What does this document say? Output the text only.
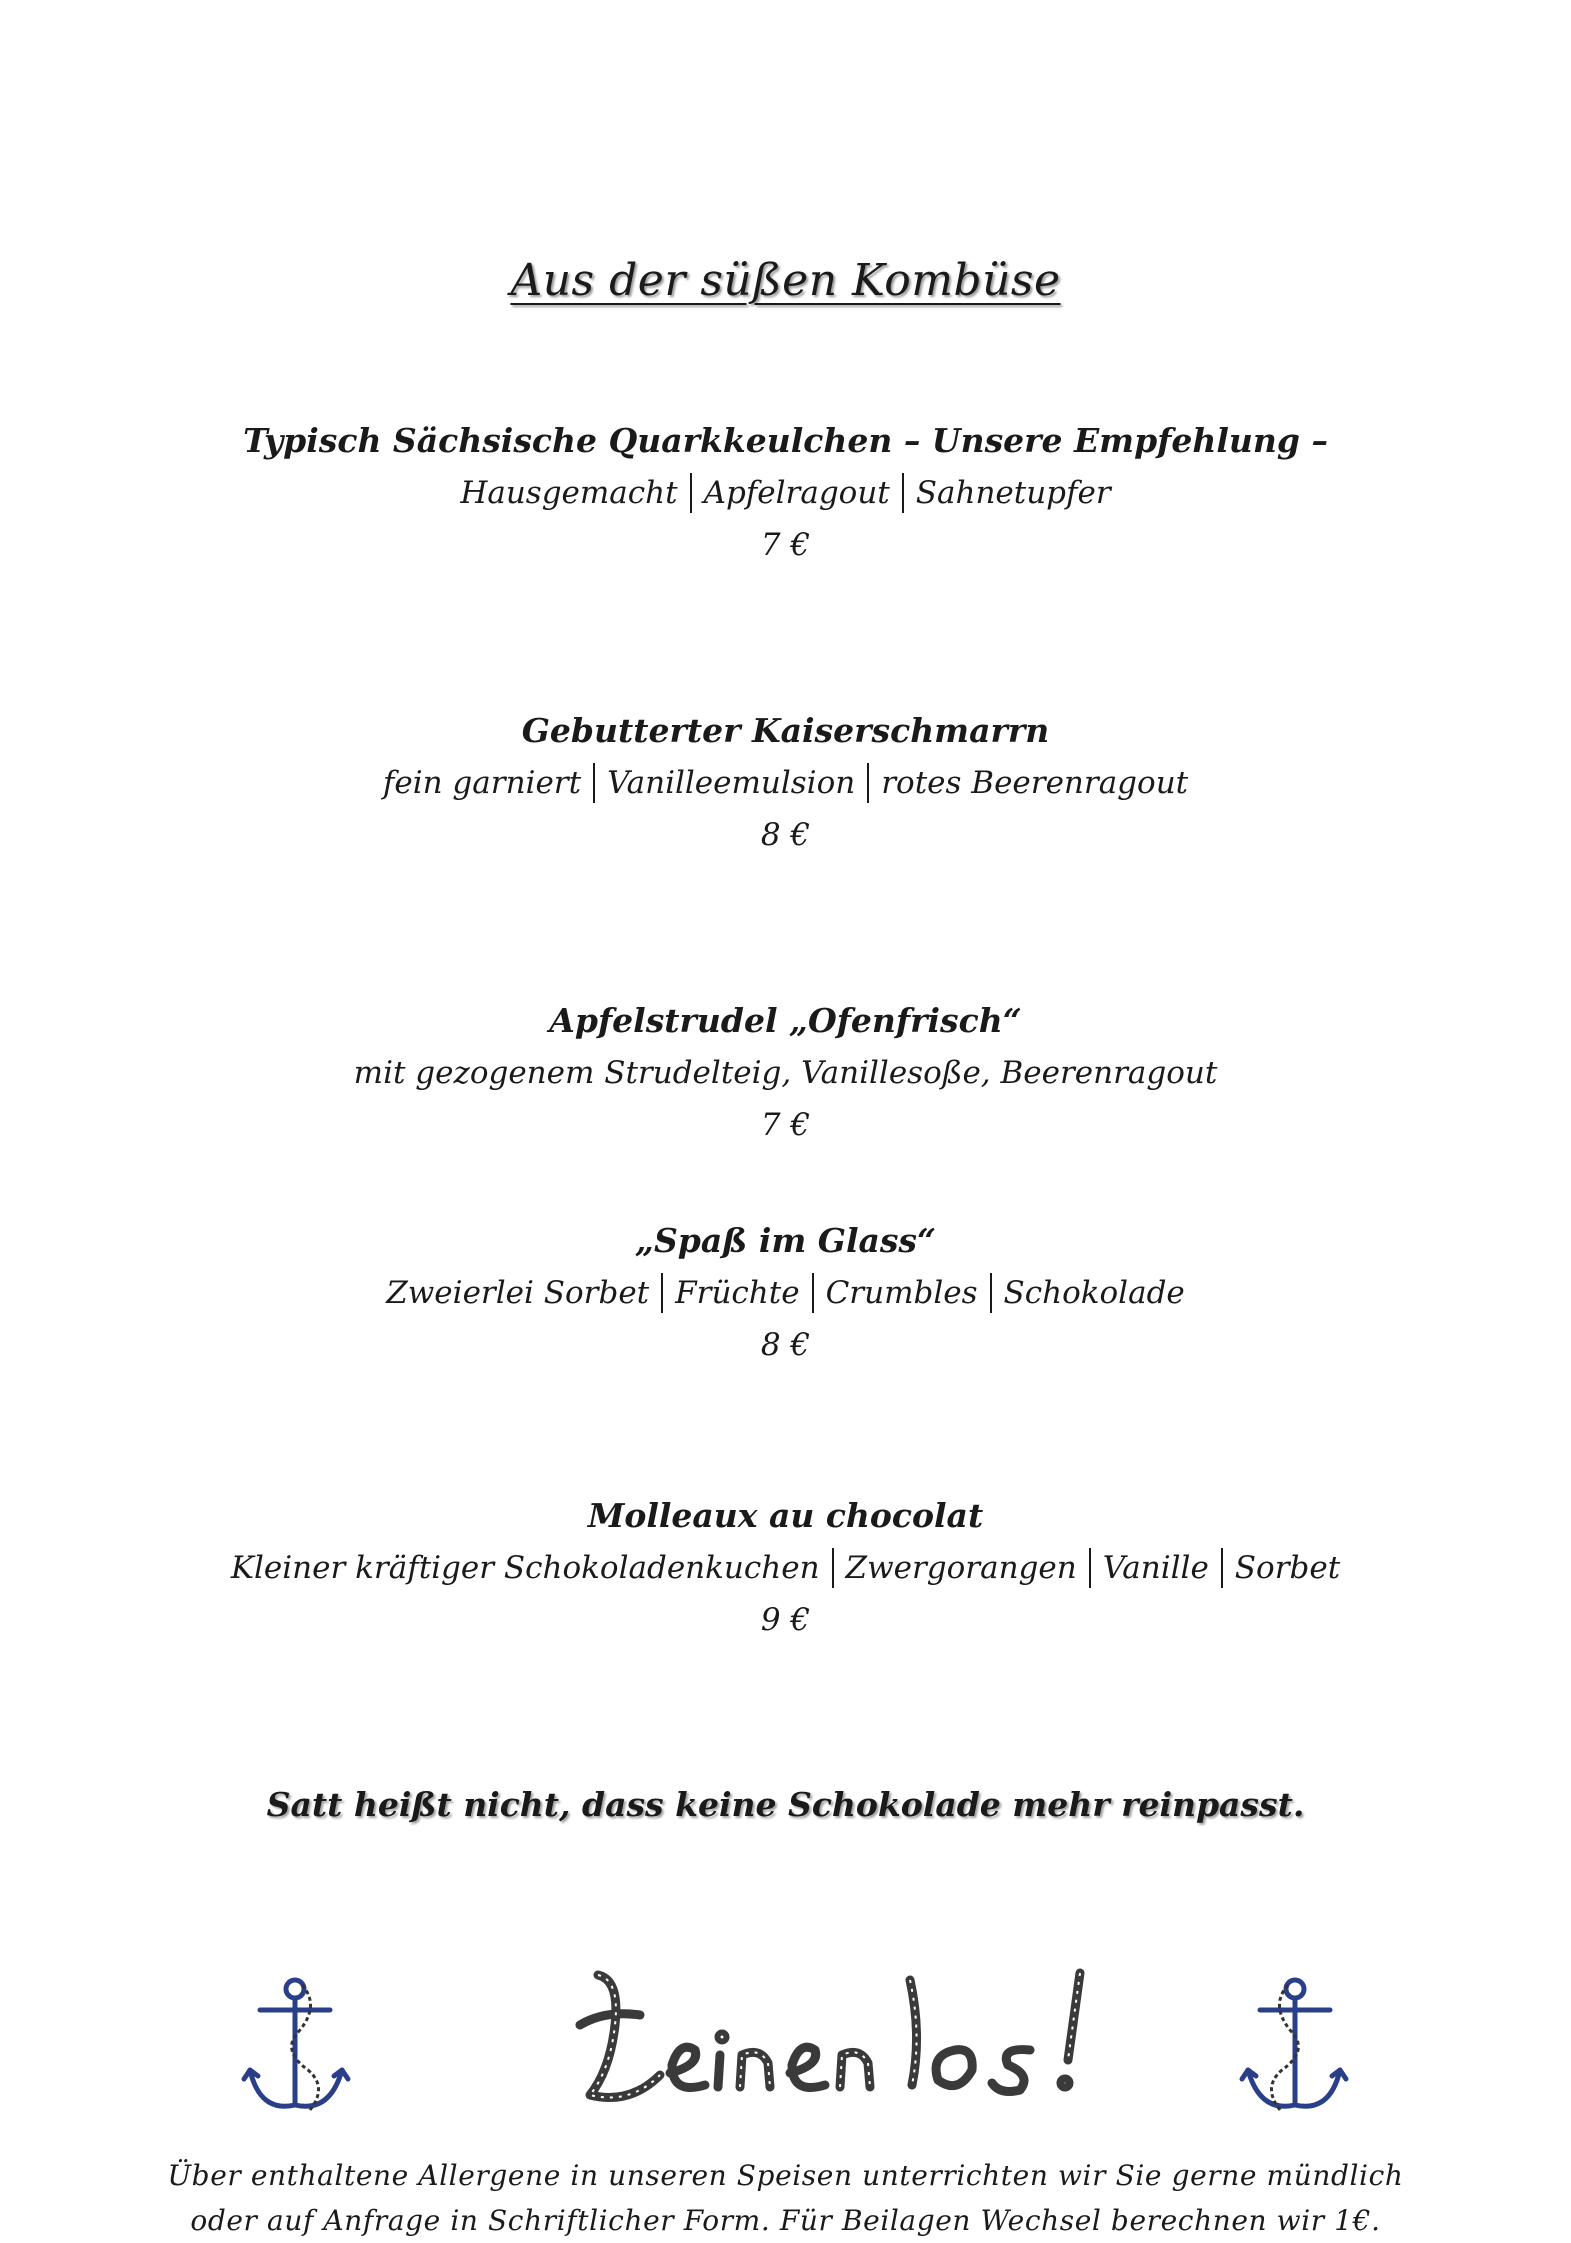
Aus der süßen Kombüse
Typisch Sächsische Quarkkeulchen – Unsere Empfehlung –
Hausgemacht Apfelragout Sahnetupfer
7 €
Gebutterter Kaiserschmarrn
fein garniert Vanilleemulsion rotes Beerenragout
8 €
Apfelstrudel „Ofenfrisch“
mit gezogenem Strudelteig, Vanillesoße, Beerenragout
7 €
„Spaß im Glass“
Zweierlei Sorbet Früchte Crumbles Schokolade
8 €
Molleaux au chocolat
Kleiner kräftiger Schokoladenkuchen Zwergorangen Vanille Sorbet
9 €
Satt heißt nicht, dass keine Schokolade mehr reinpasst.
Über enthaltene Allergene in unseren Speisen unterrichten wir Sie gerne mündlich
oder auf Anfrage in Schriftlicher Form. Für Beilagen Wechsel berechnen wir 1€.
